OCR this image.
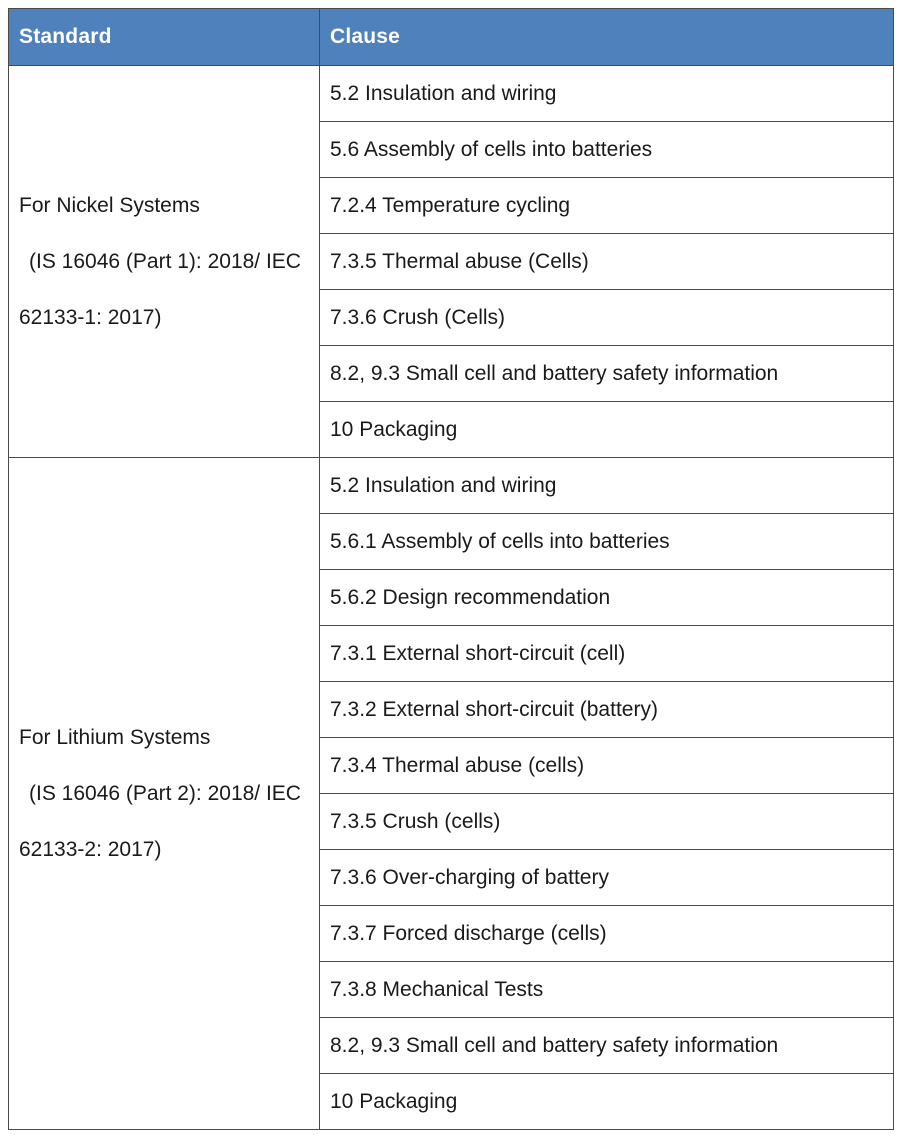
Standard	Clause

For Nickel Systems
(IS 16046 (Part 1): 2018/ IEC
62133-1: 2017)	5.2 Insulation and wiring
	5.6 Assembly of cells into batteries
	7.2.4 Temperature cycling
	7.3.5 Thermal abuse (Cells)
	7.3.6 Crush (Cells)
	8.2, 9.3 Small cell and battery safety information
	10 Packaging

For Lithium Systems
(IS 16046 (Part 2): 2018/ IEC
62133-2: 2017)	5.2 Insulation and wiring
	5.6.1 Assembly of cells into batteries
	5.6.2 Design recommendation
	7.3.1 External short-circuit (cell)
	7.3.2 External short-circuit (battery)
	7.3.4 Thermal abuse (cells)
	7.3.5 Crush (cells)
	7.3.6 Over-charging of battery
	7.3.7 Forced discharge (cells)
	7.3.8 Mechanical Tests
	8.2, 9.3 Small cell and battery safety information
	10 Packaging
